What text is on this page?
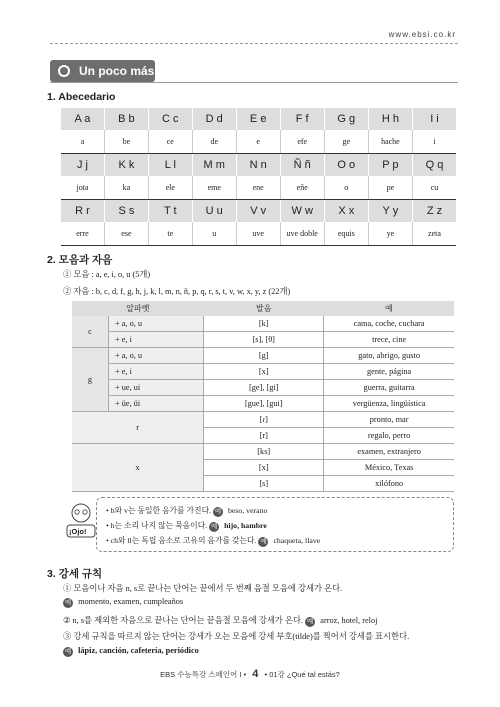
www.ebsi.co.kr
Un poco más
1. Abecedario
A a	B b	C c	D d	E e	F f	G g	H h	I i
a	be	ce	de	e	efe	ge	hache	i
J j	K k	L l	M m	N n	Ñ ñ	O o	P p	Q q
jota	ka	ele	eme	ene	eñe	o	pe	cu
R r	S s	T t	U u	V v	W w	X x	Y y	Z z
erre	ese	te	u	uve	uve doble	equis	ye	zeta
2. 모음과 자음
① 모음 : a, e, i, o, u (5개)
② 자음 : b, c, d, f, g, h, j, k, l, m, n, ñ, p, q, r, s, t, v, w, x, y, z (22개)
알파벳		발음	예
c	+ a, o, u	[k]	cama, coche, cuchara
	+ e, i	[s], [θ]	trece, cine
g	+ a, o, u	[g]	gato, abrigo, gusto
	+ e, i	[x]	gente, página
	+ ue, ui	[ge], [gi]	guerra, guitarra
	+ üe, üi	[gue], [gui]	vergüenza, lingüística
r		[ɾ]	pronto, mar
		[r]	regalo, perro
x		[ks]	examen, extranjero
		[x]	México, Texas
		[s]	xilófono
¡Ojo!
• b와 v는 동일한 음가를 가진다. 예 beso, verano
• h는 소리 나지 않는 묵음이다. 예 hijo, hambre
• ch와 ll는 독립 음소로 고유의 음가를 갖는다. 예 chaqueta, llave
3. 강세 규칙
① 모음이나 자음 n, s로 끝나는 단어는 끝에서 두 번째 음절 모음에 강세가 온다.
예 momento, examen, cumpleaños
② n, s를 제외한 자음으로 끝나는 단어는 끝음절 모음에 강세가 온다. 예 arroz, hotel, reloj
③ 강세 규칙을 따르지 않는 단어는 강세가 오는 모음에 강세 부호(tilde)를 찍어서 강세를 표시한다.
예 lápiz, canción, cafetería, periódico
EBS 수능특강 스페인어 I • 4 • 01강 ¿Qué tal estás?
